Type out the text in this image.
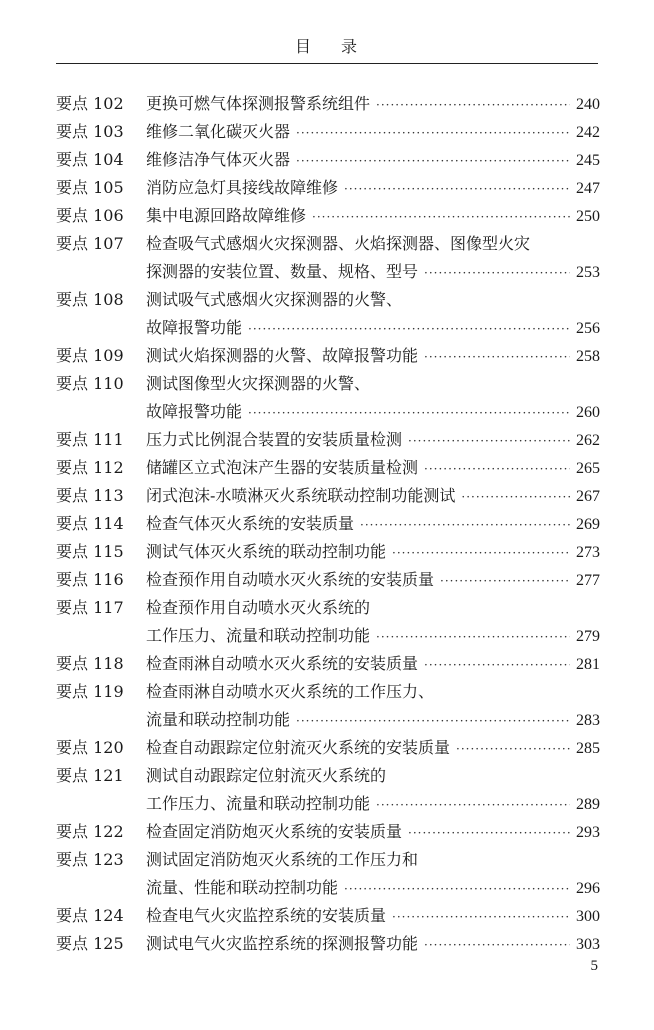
目 录
要点 102	更换可燃气体探测报警系统组件 ·····	240
要点 103	维修二氧化碳灭火器 ·····	242
要点 104	维修洁净气体灭火器 ·····	245
要点 105	消防应急灯具接线故障维修 ·····	247
要点 106	集中电源回路故障维修 ·····	250
要点 107	检查吸气式感烟火灾探测器、火焰探测器、图像型火灾
探测器的安装位置、数量、规格、型号 ·····	253
要点 108	测试吸气式感烟火灾探测器的火警、
故障报警功能 ·····	256
要点 109	测试火焰探测器的火警、故障报警功能 ·····	258
要点 110	测试图像型火灾探测器的火警、
故障报警功能 ·····	260
要点 111	压力式比例混合装置的安装质量检测 ·····	262
要点 112	储罐区立式泡沫产生器的安装质量检测 ·····	265
要点 113	闭式泡沫-水喷淋灭火系统联动控制功能测试 ·····	267
要点 114	检查气体灭火系统的安装质量 ·····	269
要点 115	测试气体灭火系统的联动控制功能 ·····	273
要点 116	检查预作用自动喷水灭火系统的安装质量 ·····	277
要点 117	检查预作用自动喷水灭火系统的
工作压力、流量和联动控制功能 ·····	279
要点 118	检查雨淋自动喷水灭火系统的安装质量 ·····	281
要点 119	检查雨淋自动喷水灭火系统的工作压力、
流量和联动控制功能 ·····	283
要点 120	检查自动跟踪定位射流灭火系统的安装质量 ·····	285
要点 121	测试自动跟踪定位射流灭火系统的
工作压力、流量和联动控制功能 ·····	289
要点 122	检查固定消防炮灭火系统的安装质量 ·····	293
要点 123	测试固定消防炮灭火系统的工作压力和
流量、性能和联动控制功能 ·····	296
要点 124	检查电气火灾监控系统的安装质量 ·····	300
要点 125	测试电气火灾监控系统的探测报警功能 ·····	303
5
